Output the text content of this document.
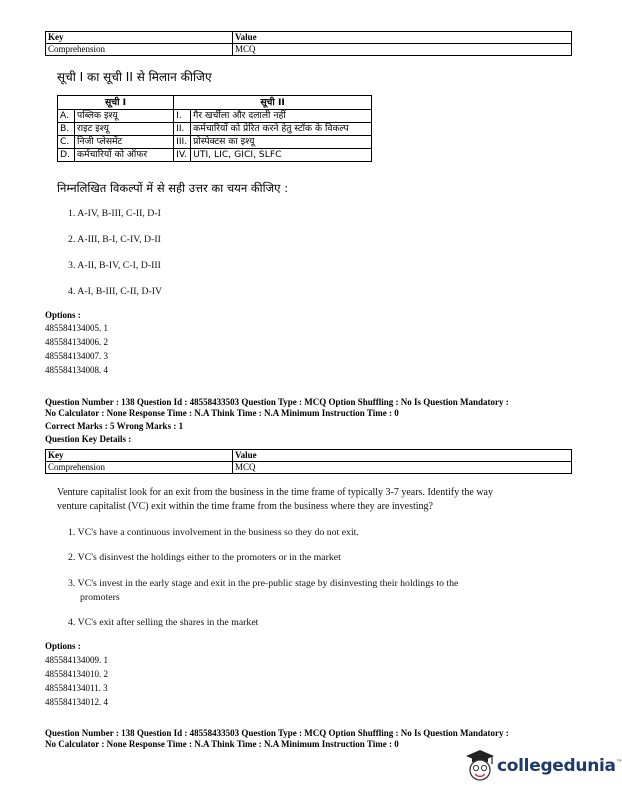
Key	Value
Comprehension	MCQ
सूची I का सूची II से मिलान कीजिए
सूची I		सूची II	
A.	पब्लिक इश्यू	I.	गैर खर्चीला और दलाली नहीं
B.	राइट इश्यू	II.	कर्मचारियों को प्रेरित करने हेतु स्टॉक के विकल्प
C.	निजी प्लेसमेंट	III.	प्रोस्पेक्टस का इश्यू
D.	कर्मचारियों को ऑफर	IV.	UTI, LIC, GICI, SLFC
निम्नलिखित विकल्पों में से सही उत्तर का चयन कीजिए :
1. A-IV, B-III, C-II, D-I
2. A-III, B-I, C-IV, D-II
3. A-II, B-IV, C-I, D-III
4. A-I, B-III, C-II, D-IV
Options :
485584134005. 1
485584134006. 2
485584134007. 3
485584134008. 4
Question Number : 138 Question Id : 48558433503 Question Type : MCQ Option Shuffling : No Is Question Mandatory :
No Calculator : None Response Time : N.A Think Time : N.A Minimum Instruction Time : 0
Correct Marks : 5 Wrong Marks : 1
Question Key Details :
Key	Value
Comprehension	MCQ
Venture capitalist look for an exit from the business in the time frame of typically 3-7 years. Identify the way
venture capitalist (VC) exit within the time frame from the business where they are investing?
1. VC's have a continuous involvement in the business so they do not exit.
2. VC's disinvest the holdings either to the promoters or in the market
3. VC's invest in the early stage and exit in the pre-public stage by disinvesting their holdings to the
promoters
4. VC's exit after selling the shares in the market
Options :
485584134009. 1
485584134010. 2
485584134011. 3
485584134012. 4
Question Number : 138 Question Id : 48558433503 Question Type : MCQ Option Shuffling : No Is Question Mandatory :
No Calculator : None Response Time : N.A Think Time : N.A Minimum Instruction Time : 0
collegedunia™
